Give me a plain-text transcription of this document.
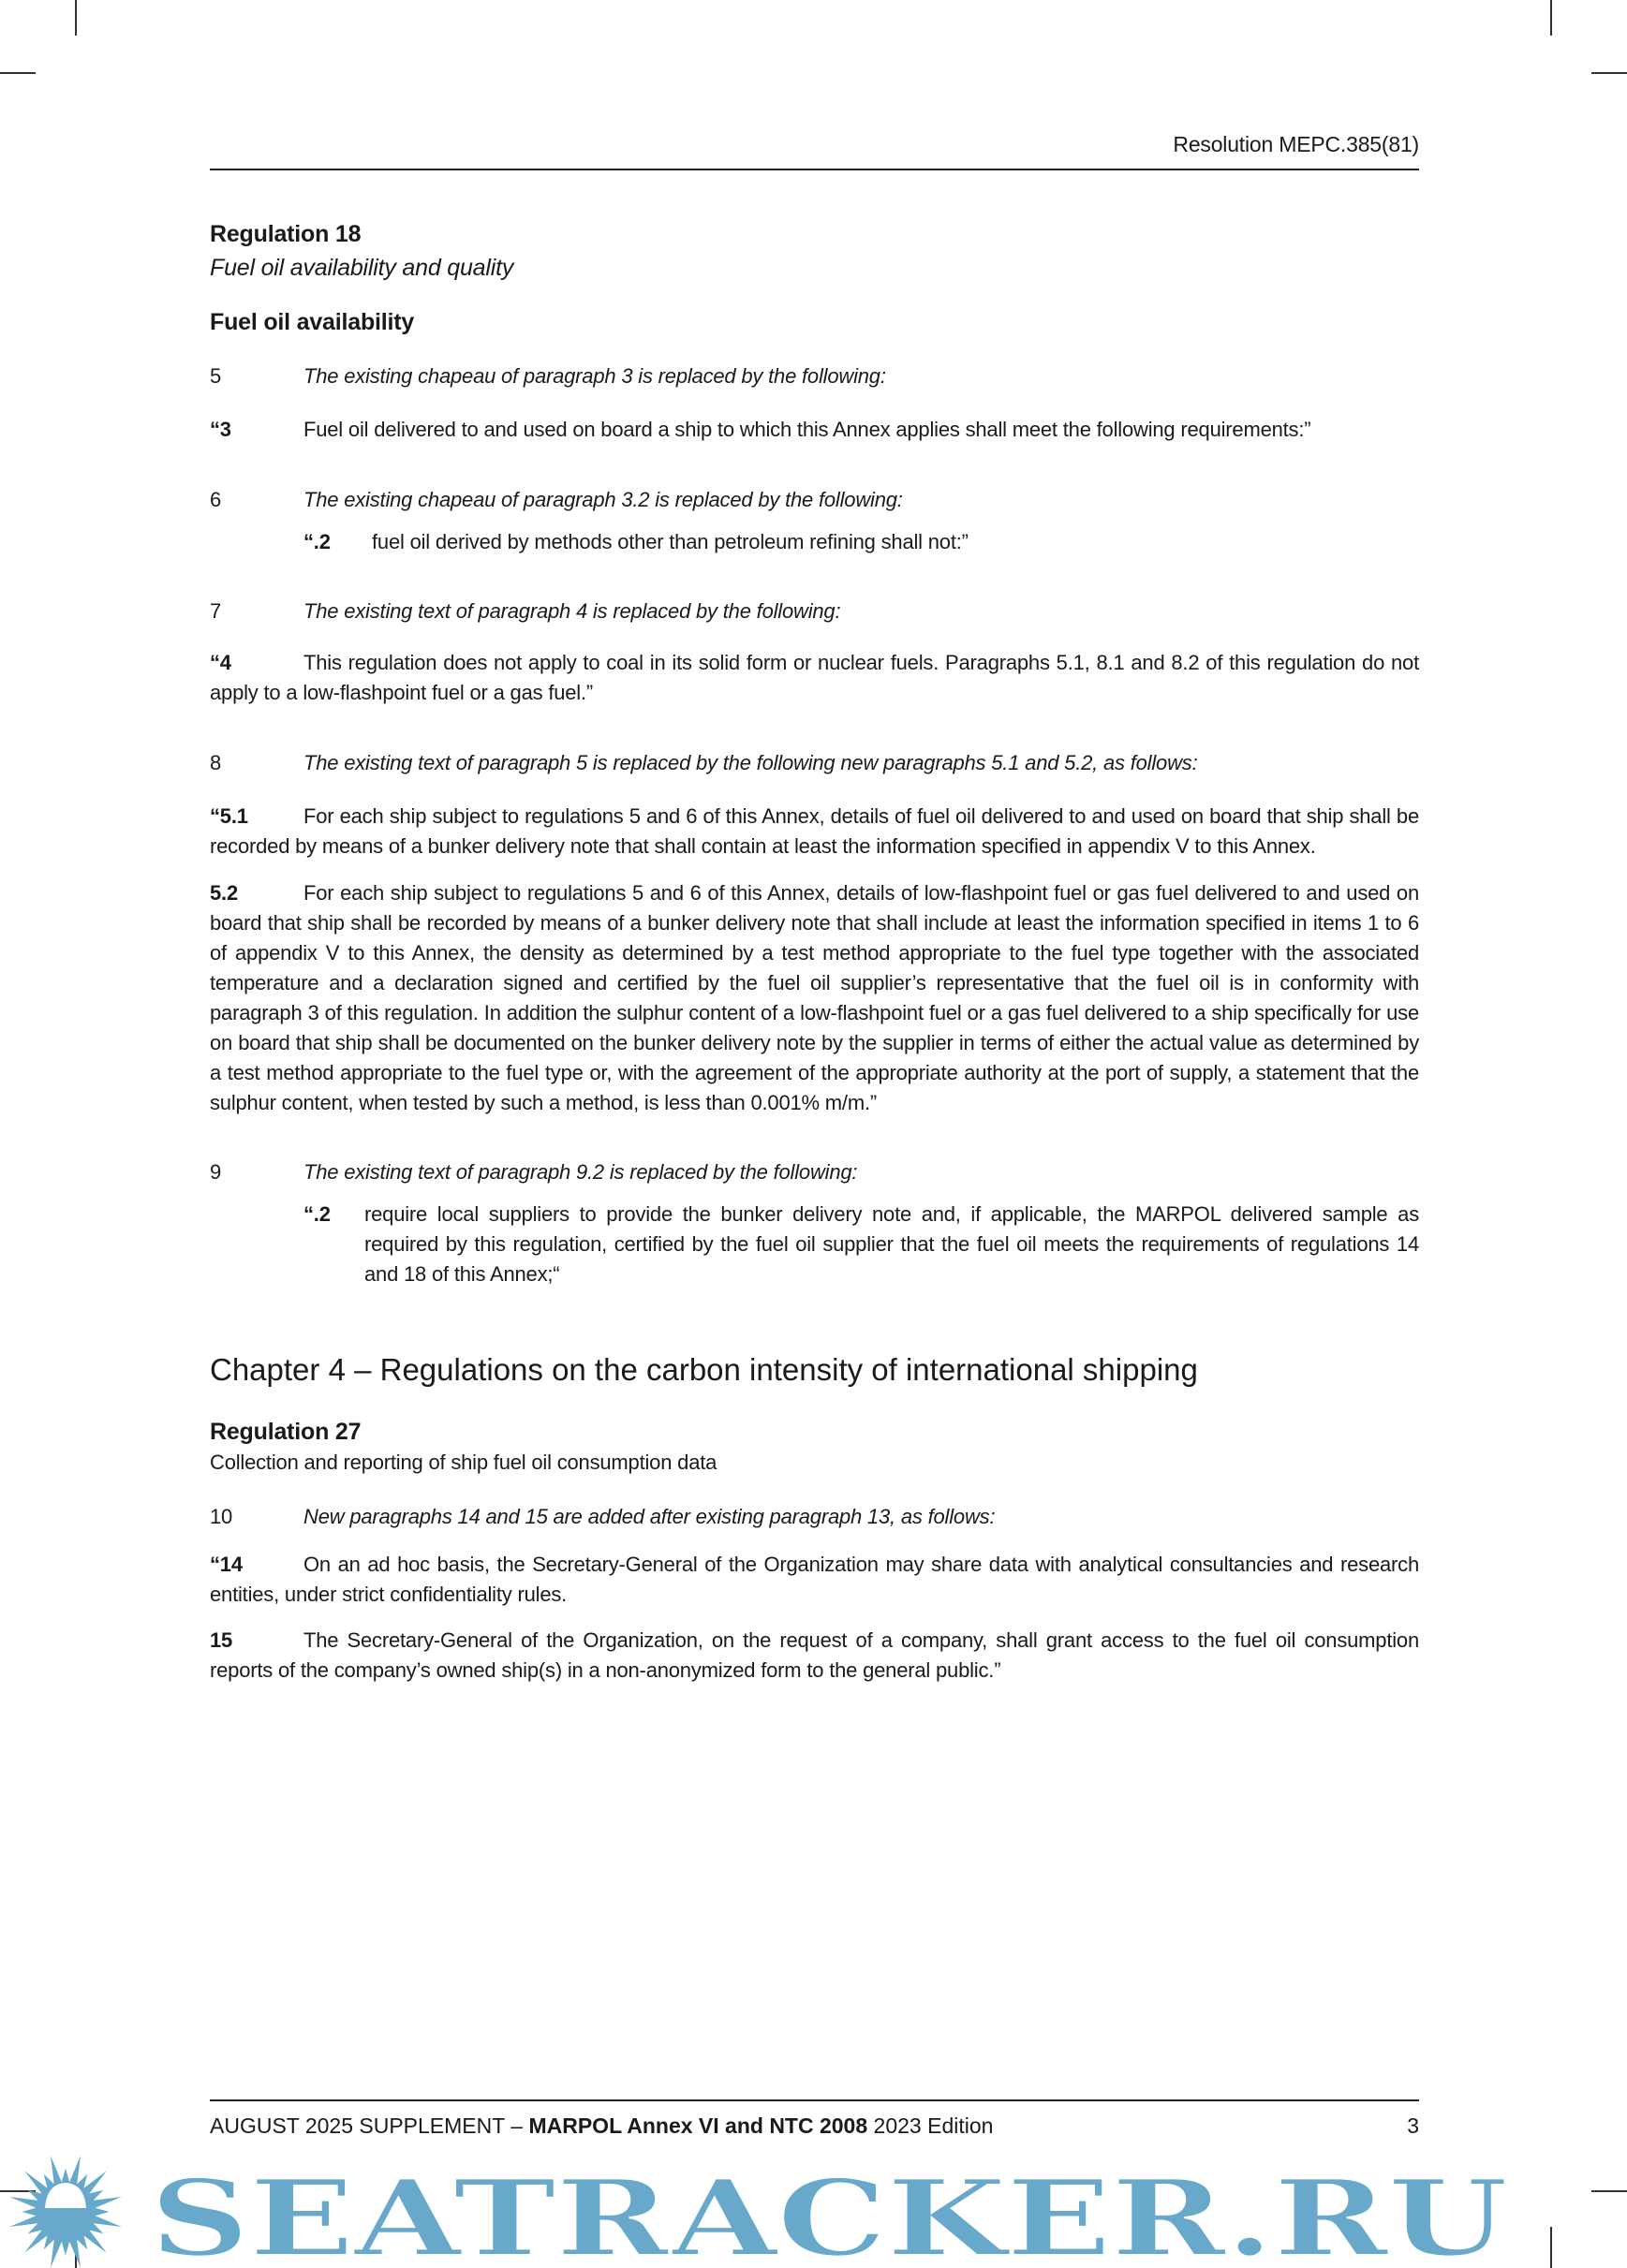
Resolution MEPC.385(81)
Regulation 18
Fuel oil availability and quality
Fuel oil availability
5	The existing chapeau of paragraph 3 is replaced by the following:
“3	Fuel oil delivered to and used on board a ship to which this Annex applies shall meet the following requirements:”
6	The existing chapeau of paragraph 3.2 is replaced by the following:
“.2 fuel oil derived by methods other than petroleum refining shall not:”
7	The existing text of paragraph 4 is replaced by the following:
“4	This regulation does not apply to coal in its solid form or nuclear fuels. Paragraphs 5.1, 8.1 and 8.2 of this regulation do not apply to a low-flashpoint fuel or a gas fuel.”
8	The existing text of paragraph 5 is replaced by the following new paragraphs 5.1 and 5.2, as follows:
“5.1	For each ship subject to regulations 5 and 6 of this Annex, details of fuel oil delivered to and used on board that ship shall be recorded by means of a bunker delivery note that shall contain at least the information specified in appendix V to this Annex.
5.2	For each ship subject to regulations 5 and 6 of this Annex, details of low-flashpoint fuel or gas fuel delivered to and used on board that ship shall be recorded by means of a bunker delivery note that shall include at least the information specified in items 1 to 6 of appendix V to this Annex, the density as determined by a test method appropriate to the fuel type together with the associated temperature and a declaration signed and certified by the fuel oil supplier’s representative that the fuel oil is in conformity with paragraph 3 of this regulation. In addition the sulphur content of a low-flashpoint fuel or a gas fuel delivered to a ship specifically for use on board that ship shall be documented on the bunker delivery note by the supplier in terms of either the actual value as determined by a test method appropriate to the fuel type or, with the agreement of the appropriate authority at the port of supply, a statement that the sulphur content, when tested by such a method, is less than 0.001% m/m.”
9	The existing text of paragraph 9.2 is replaced by the following:
“.2 require local suppliers to provide the bunker delivery note and, if applicable, the MARPOL delivered sample as required by this regulation, certified by the fuel oil supplier that the fuel oil meets the requirements of regulations 14 and 18 of this Annex;“
Chapter 4 – Regulations on the carbon intensity of international shipping
Regulation 27
Collection and reporting of ship fuel oil consumption data
10	New paragraphs 14 and 15 are added after existing paragraph 13, as follows:
“14	On an ad hoc basis, the Secretary-General of the Organization may share data with analytical consultancies and research entities, under strict confidentiality rules.
15	The Secretary-General of the Organization, on the request of a company, shall grant access to the fuel oil consumption reports of the company’s owned ship(s) in a non-anonymized form to the general public.”
AUGUST 2025 SUPPLEMENT – MARPOL Annex VI and NTC 2008 2023 Edition	3
SEATRACKER.RU
